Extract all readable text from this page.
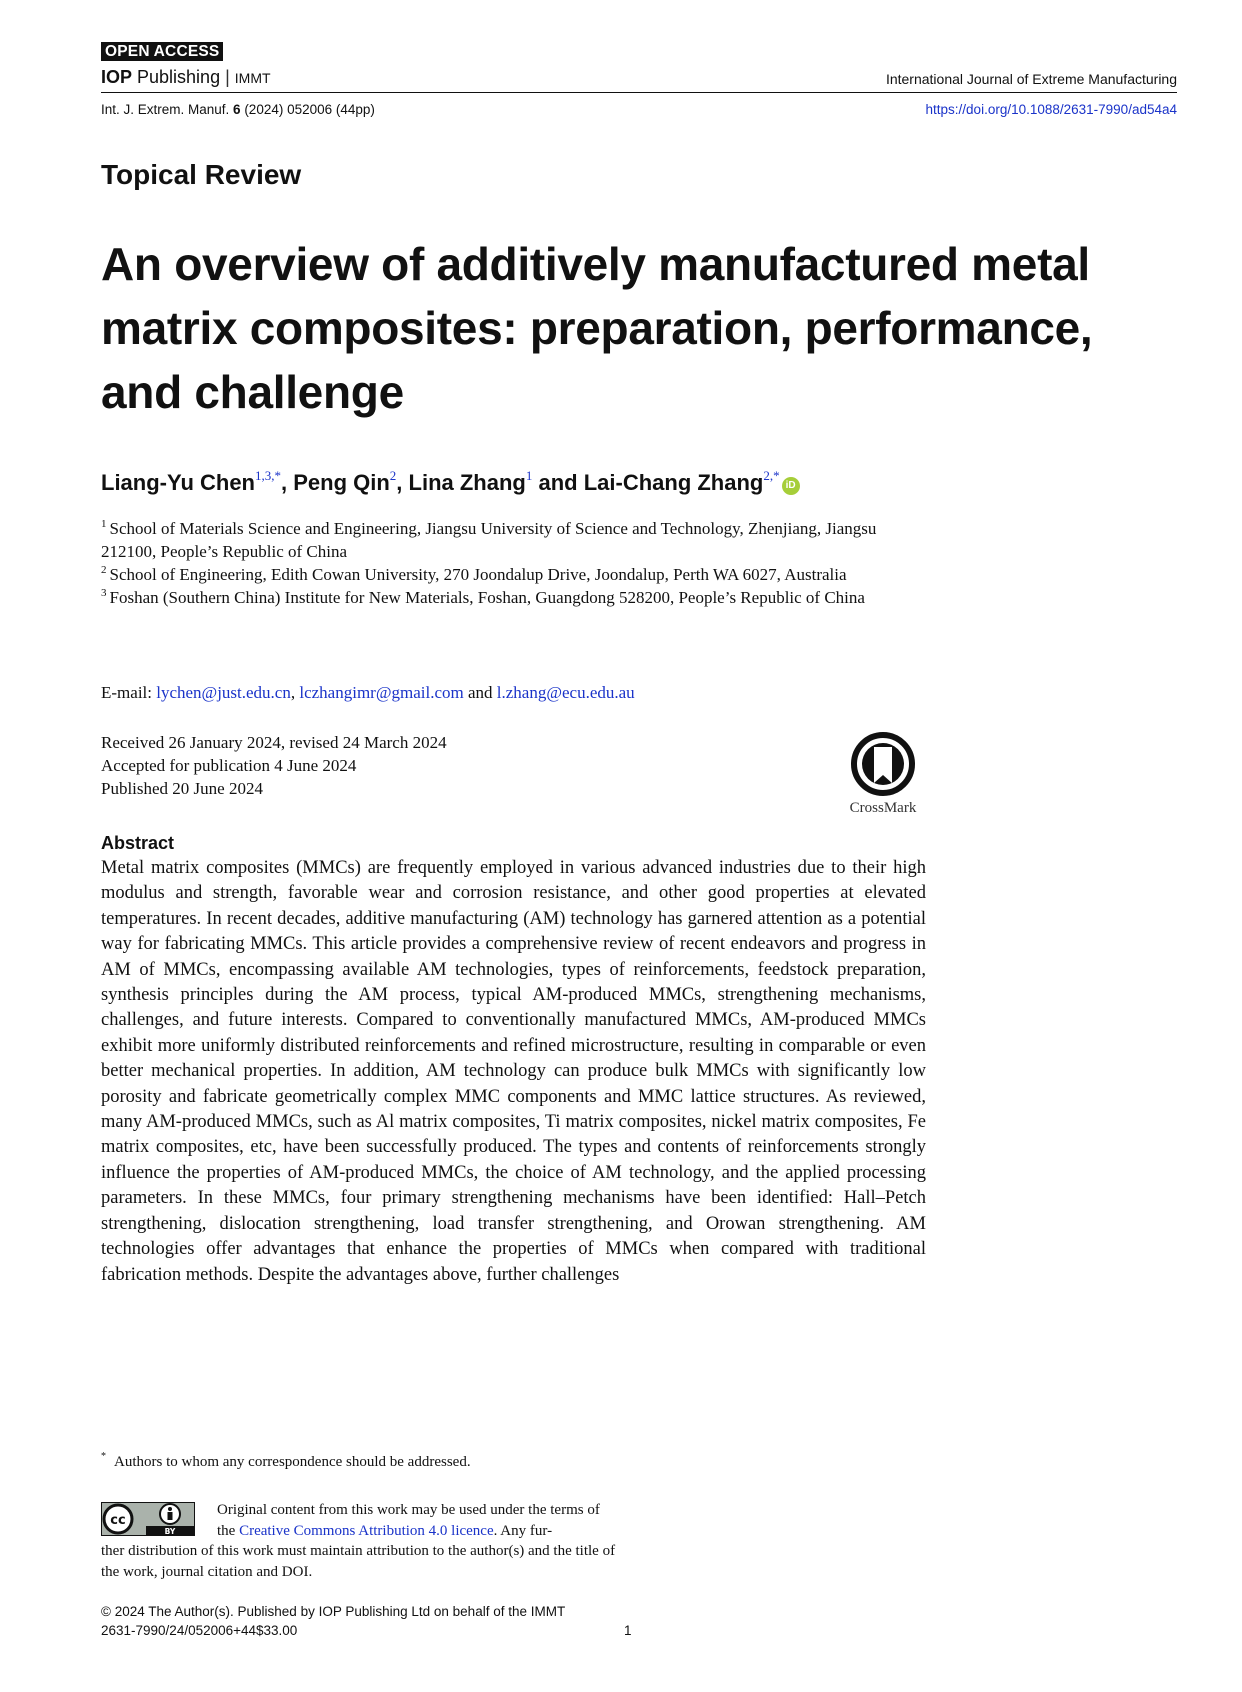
OPEN ACCESS
IOP Publishing | IMMT	International Journal of Extreme Manufacturing
Int. J. Extrem. Manuf. 6 (2024) 052006 (44pp)	https://doi.org/10.1088/2631-7990/ad54a4
Topical Review
An overview of additively manufactured metal matrix composites: preparation, performance, and challenge
Liang-Yu Chen$^{1,3,*}$, Peng Qin$^2$, Lina Zhang$^1$ and Lai-Chang Zhang$^{2,*}$iD

$^1$ School of Materials Science and Engineering, Jiangsu University of Science and Technology, Zhenjiang, Jiangsu 212100, People’s Republic of China

$^2$ School of Engineering, Edith Cowan University, 270 Joondalup Drive, Joondalup, Perth WA 6027, Australia

$^3$ Foshan (Southern China) Institute for New Materials, Foshan, Guangdong 528200, People’s Republic of China

E-mail: lychen@just.edu.cn, lczhangimr@gmail.com and l.zhang@ecu.edu.au
Received 26 January 2024, revised 24 March 2024
Accepted for publication 4 June 2024
Published 20 June 2024
CrossMark
Abstract
Metal matrix composites (MMCs) are frequently employed in various advanced industries due to their high modulus and strength, favorable wear and corrosion resistance, and other good properties at elevated temperatures. In recent decades, additive manufacturing (AM) technology has garnered attention as a potential way for fabricating MMCs. This article provides a comprehensive review of recent endeavors and progress in AM of MMCs, encompassing available AM technologies, types of reinforcements, feedstock preparation, synthesis principles during the AM process, typical AM-produced MMCs, strengthening mechanisms, challenges, and future interests. Compared to conventionally manufactured MMCs, AM-produced MMCs exhibit more uniformly distributed reinforcements and refined microstructure, resulting in comparable or even better mechanical properties. In addition, AM technology can produce bulk MMCs with significantly low porosity and fabricate geometrically complex MMC components and MMC lattice structures. As reviewed, many AM-produced MMCs, such as Al matrix composites, Ti matrix composites, nickel matrix composites, Fe matrix composites, etc, have been successfully produced. The types and contents of reinforcements strongly influence the properties of AM-produced MMCs, the choice of AM technology, and the applied processing parameters. In these MMCs, four primary strengthening mechanisms have been identified: Hall–Petch strengthening, dislocation strengthening, load transfer strengthening, and Orowan strengthening. AM technologies offer advantages that enhance the properties of MMCs when compared with traditional fabrication methods. Despite the advantages above, further challenges
* Authors to whom any correspondence should be addressed.
cc
BY
Original content from this work may be used under the terms of the Creative Commons Attribution 4.0 licence. Any fur-
ther distribution of this work must maintain attribution to the author(s) and the title of the work, journal citation and DOI.
© 2024 The Author(s). Published by IOP Publishing Ltd on behalf of the IMMT
2631-7990/24/052006+44$33.00	1
